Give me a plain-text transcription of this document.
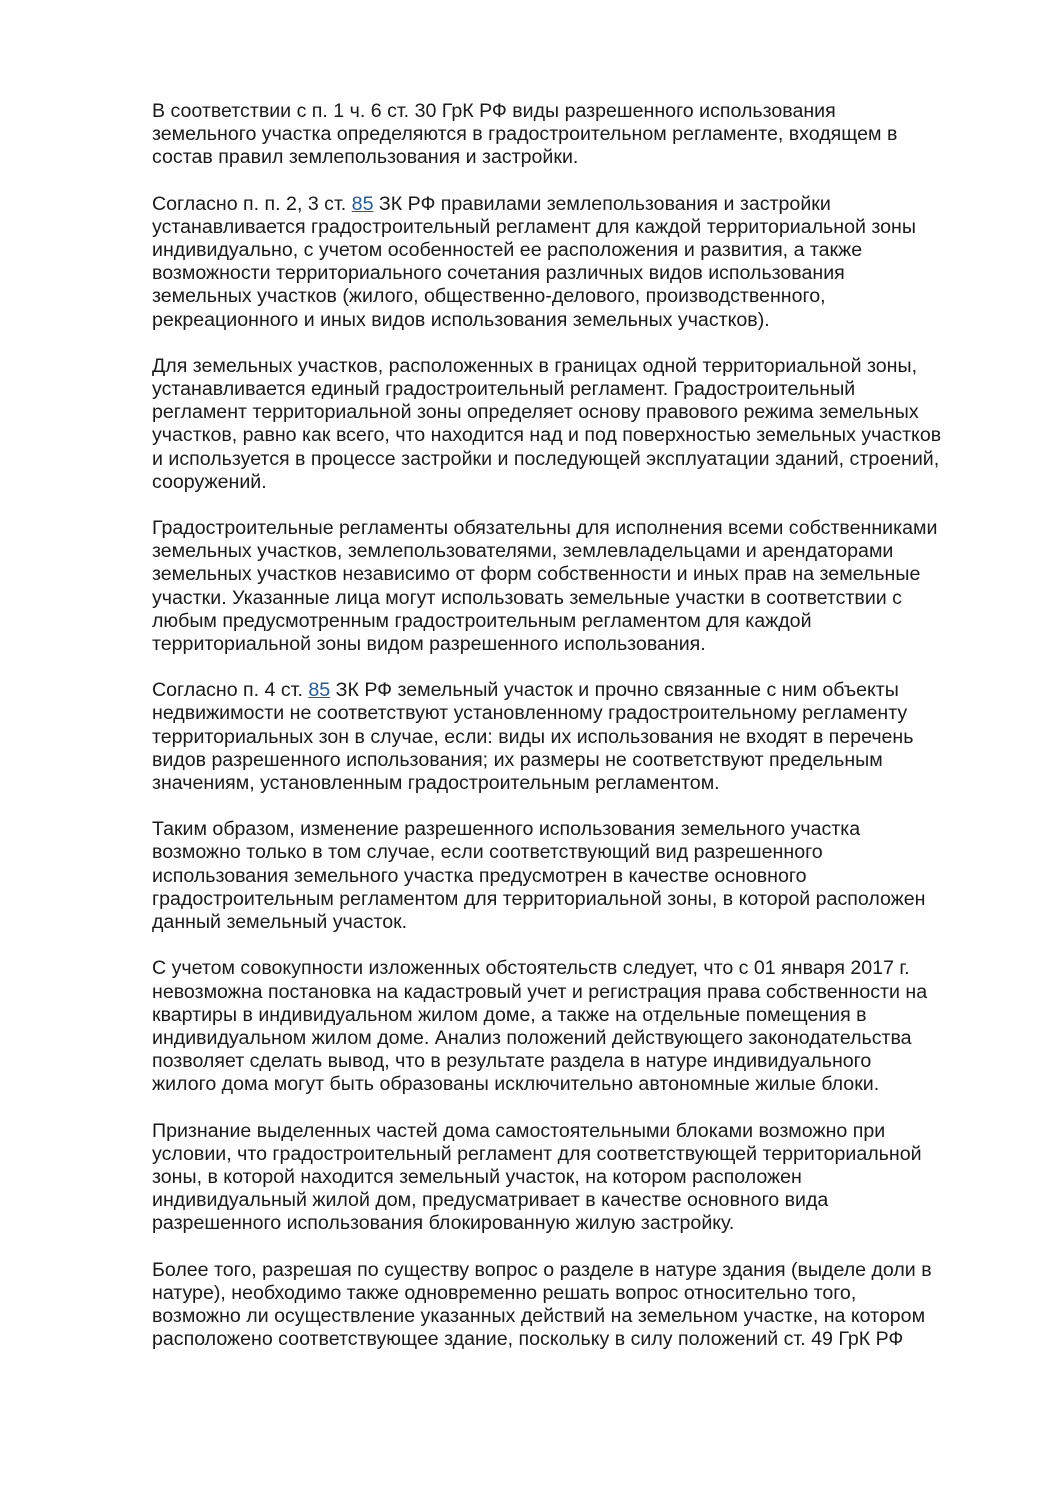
В соответствии с п. 1 ч. 6 ст. 30 ГрК РФ виды разрешенного использования
земельного участка определяются в градостроительном регламенте, входящем в
состав правил землепользования и застройки.

Согласно п. п. 2, 3 ст. 85 ЗК РФ правилами землепользования и застройки
устанавливается градостроительный регламент для каждой территориальной зоны
индивидуально, с учетом особенностей ее расположения и развития, а также
возможности территориального сочетания различных видов использования
земельных участков (жилого, общественно-делового, производственного,
рекреационного и иных видов использования земельных участков).

Для земельных участков, расположенных в границах одной территориальной зоны,
устанавливается единый градостроительный регламент. Градостроительный
регламент территориальной зоны определяет основу правового режима земельных
участков, равно как всего, что находится над и под поверхностью земельных участков
и используется в процессе застройки и последующей эксплуатации зданий, строений,
сооружений.

Градостроительные регламенты обязательны для исполнения всеми собственниками
земельных участков, землепользователями, землевладельцами и арендаторами
земельных участков независимо от форм собственности и иных прав на земельные
участки. Указанные лица могут использовать земельные участки в соответствии с
любым предусмотренным градостроительным регламентом для каждой
территориальной зоны видом разрешенного использования.

Согласно п. 4 ст. 85 ЗК РФ земельный участок и прочно связанные с ним объекты
недвижимости не соответствуют установленному градостроительному регламенту
территориальных зон в случае, если: виды их использования не входят в перечень
видов разрешенного использования; их размеры не соответствуют предельным
значениям, установленным градостроительным регламентом.

Таким образом, изменение разрешенного использования земельного участка
возможно только в том случае, если соответствующий вид разрешенного
использования земельного участка предусмотрен в качестве основного
градостроительным регламентом для территориальной зоны, в которой расположен
данный земельный участок.

С учетом совокупности изложенных обстоятельств следует, что с 01 января 2017 г.
невозможна постановка на кадастровый учет и регистрация права собственности на
квартиры в индивидуальном жилом доме, а также на отдельные помещения в
индивидуальном жилом доме. Анализ положений действующего законодательства
позволяет сделать вывод, что в результате раздела в натуре индивидуального
жилого дома могут быть образованы исключительно автономные жилые блоки.

Признание выделенных частей дома самостоятельными блоками возможно при
условии, что градостроительный регламент для соответствующей территориальной
зоны, в которой находится земельный участок, на котором расположен
индивидуальный жилой дом, предусматривает в качестве основного вида
разрешенного использования блокированную жилую застройку.

Более того, разрешая по существу вопрос о разделе в натуре здания (выделе доли в
натуре), необходимо также одновременно решать вопрос относительно того,
возможно ли осуществление указанных действий на земельном участке, на котором
расположено соответствующее здание, поскольку в силу положений ст. 49 ГрК РФ
